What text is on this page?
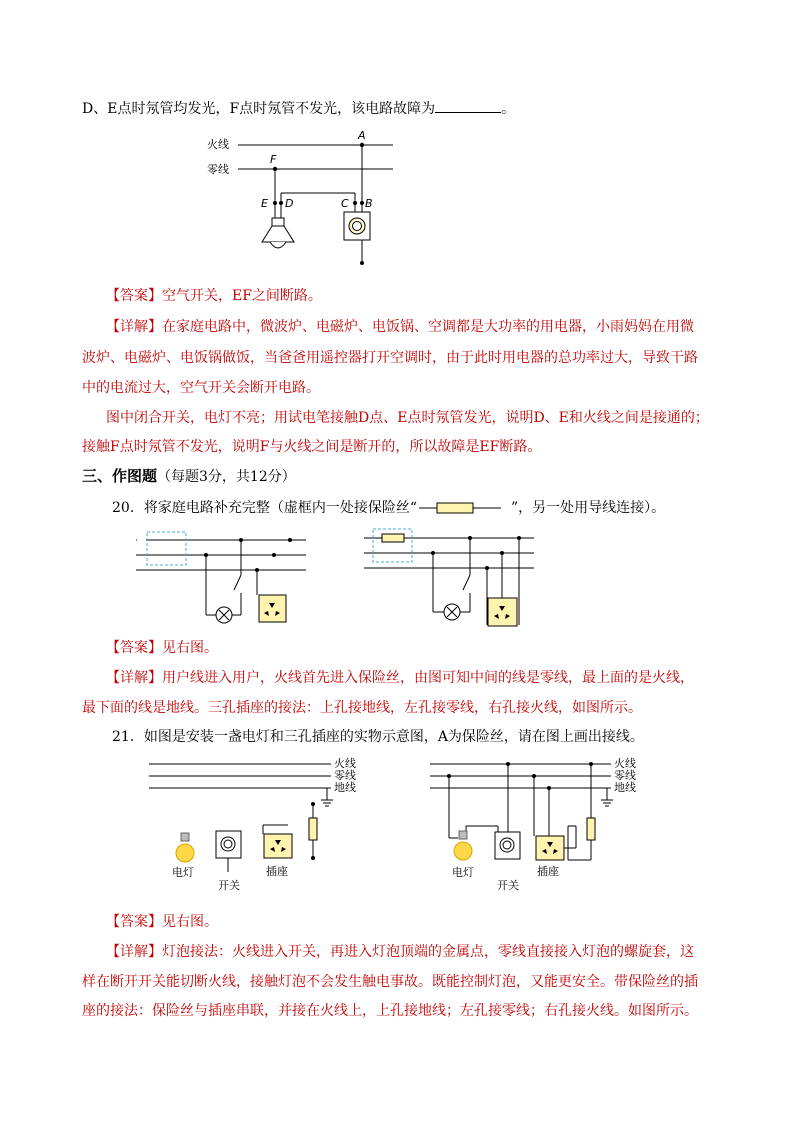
D、E点时氖管均发光，F点时氖管不发光，该电路故障为	。
火线
零线
A
F
E D	C B
【答案】空气开关，EF之间断路。
【详解】在家庭电路中，微波炉、电磁炉、电饭锅、空调都是大功率的用电器，小雨妈妈在用微
波炉、电磁炉、电饭锅做饭，当爸爸用遥控器打开空调时，由于此时用电器的总功率过大，导致干路
中的电流过大，空气开关会断开电路。
图中闭合开关，电灯不亮；用试电笔接触D点、E点时氖管发光，说明D、E和火线之间是接通的；
接触F点时氖管不发光，说明F与火线之间是断开的，所以故障是EF断路。
三、作图题（每题3分，共12分）
20．将家庭电路补充完整（虚框内一处接保险丝“	”，另一处用导线连接）。
【答案】见右图。
【详解】用户线进入用户，火线首先进入保险丝，由图可知中间的线是零线，最上面的是火线，
最下面的线是地线。三孔插座的接法：上孔接地线，左孔接零线，右孔接火线，如图所示。
21．如图是安装一盏电灯和三孔插座的实物示意图，A为保险丝，请在图上画出接线。
火线
零线
地线
电灯
开关
插座
火线
零线
地线
电灯
开关
插座
【答案】见右图。
【详解】灯泡接法：火线进入开关，再进入灯泡顶端的金属点，零线直接接入灯泡的螺旋套，这
样在断开开关能切断火线，接触灯泡不会发生触电事故。既能控制灯泡，又能更安全。带保险丝的插
座的接法：保险丝与插座串联，并接在火线上，上孔接地线；左孔接零线；右孔接火线。如图所示。
